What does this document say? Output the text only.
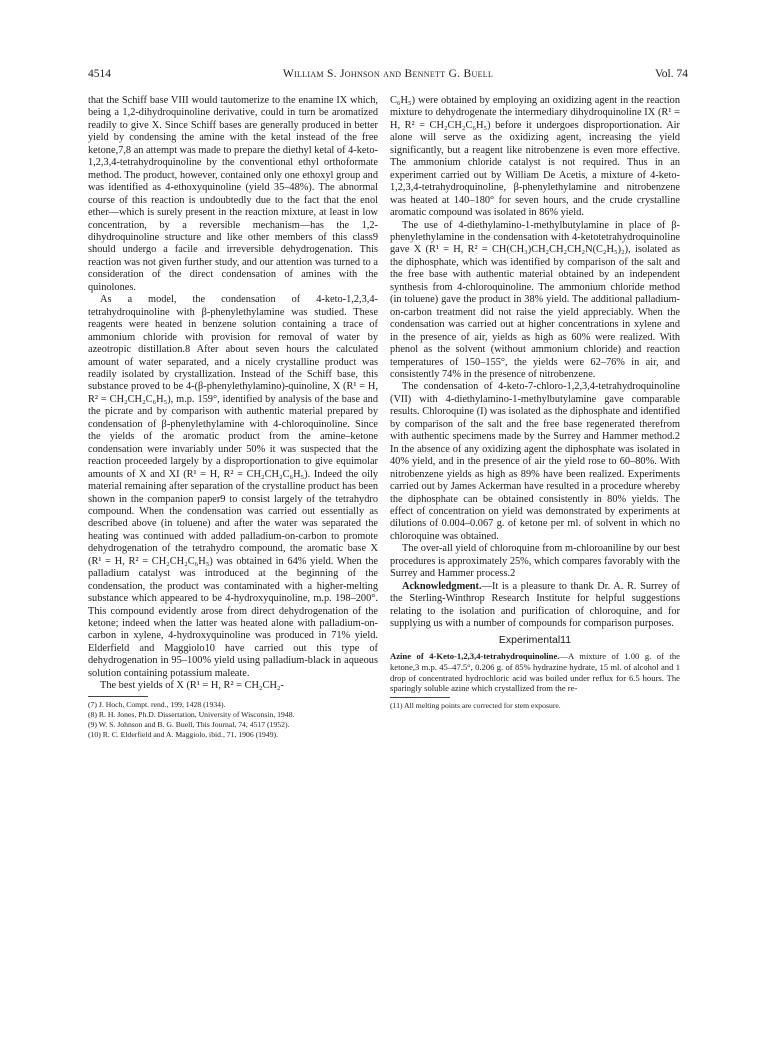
4514	William S. Johnson and Bennett G. Buell	Vol. 74

that the Schiff base VIII would tautomerize to the enamine IX which, being a 1,2-dihydroquinoline derivative, could in turn be aromatized readily to give X. Since Schiff bases are generally produced in better yield by condensing the amine with the ketal instead of the free ketone,7,8 an attempt was made to prepare the diethyl ketal of 4-keto-1,2,3,4-tetrahydroquinoline by the conventional ethyl orthoformate method. The product, however, contained only one ethoxyl group and was identified as 4-ethoxyquinoline (yield 35–48%). The abnormal course of this reaction is undoubtedly due to the fact that the enol ether—which is surely present in the reaction mixture, at least in low concentration, by a reversible mechanism—has the 1,2-dihydroquinoline structure and like other members of this class9 should undergo a facile and irreversible dehydrogenation. This reaction was not given further study, and our attention was turned to a consideration of the direct condensation of amines with the quinolones.

As a model, the condensation of 4-keto-1,2,3,4-tetrahydroquinoline with β-phenylethylamine was studied. These reagents were heated in benzene solution containing a trace of ammonium chloride with provision for removal of water by azeotropic distillation.8 After about seven hours the calculated amount of water separated, and a nicely crystalline product was readily isolated by crystallization. Instead of the Schiff base, this substance proved to be 4-(β-phenylethylamino)-quinoline, X (R¹ = H, R² = CH₂CH₂C₆H₅), m.p. 159°, identified by analysis of the base and the picrate and by comparison with authentic material prepared by condensation of β-phenylethylamine with 4-chloroquinoline. Since the yields of the aromatic product from the amine–ketone condensation were invariably under 50% it was suspected that the reaction proceeded largely by a disproportionation to give equimolar amounts of X and XI (R¹ = H, R² = CH₂CH₂C₆H₅). Indeed the oily material remaining after separation of the crystalline product has been shown in the companion paper9 to consist largely of the tetrahydro compound. When the condensation was carried out essentially as described above (in toluene) and after the water was separated the heating was continued with added palladium-on-carbon to promote dehydrogenation of the tetrahydro compound, the aromatic base X (R¹ = H, R² = CH₂CH₂C₆H₅) was obtained in 64% yield. When the palladium catalyst was introduced at the beginning of the condensation, the product was contaminated with a higher-melting substance which appeared to be 4-hydroxyquinoline, m.p. 198–200°. This compound evidently arose from direct dehydrogenation of the ketone; indeed when the latter was heated alone with palladium-on-carbon in xylene, 4-hydroxyquinoline was produced in 71% yield. Elderfield and Maggiolo10 have carried out this type of dehydrogenation in 95–100% yield using palladium-black in aqueous solution containing potassium maleate.

The best yields of X (R¹ = H, R² = CH₂CH₂-

(7) J. Hoch, Compt. rend., 199, 1428 (1934).

(8) R. H. Jones, Ph.D. Dissertation, University of Wisconsin, 1948.

(9) W. S. Johnson and B. G. Buell, This Journal, 74, 4517 (1952).

(10) R. C. Elderfield and A. Maggiolo, ibid., 71, 1906 (1949).

C₆H₅) were obtained by employing an oxidizing agent in the reaction mixture to dehydrogenate the intermediary dihydroquinoline IX (R¹ = H, R² = CH₂CH₂C₆H₅) before it undergoes disproportionation. Air alone will serve as the oxidizing agent, increasing the yield significantly, but a reagent like nitrobenzene is even more effective. The ammonium chloride catalyst is not required. Thus in an experiment carried out by William De Acetis, a mixture of 4-keto-1,2,3,4-tetrahydroquinoline, β-phenylethylamine and nitrobenzene was heated at 140–180° for seven hours, and the crude crystalline aromatic compound was isolated in 86% yield.

The use of 4-diethylamino-1-methylbutylamine in place of β-phenylethylamine in the condensation with 4-ketotetrahydroquinoline gave X (R¹ = H, R² = CH(CH₃)CH₂CH₂CH₂N(C₂H₅)₂), isolated as the diphosphate, which was identified by comparison of the salt and the free base with authentic material obtained by an independent synthesis from 4-chloroquinoline. The ammonium chloride method (in toluene) gave the product in 38% yield. The additional palladium-on-carbon treatment did not raise the yield appreciably. When the condensation was carried out at higher concentrations in xylene and in the presence of air, yields as high as 60% were realized. With phenol as the solvent (without ammonium chloride) and reaction temperatures of 150–155°, the yields were 62–76% in air, and consistently 74% in the presence of nitrobenzene.

The condensation of 4-keto-7-chloro-1,2,3,4-tetrahydroquinoline (VII) with 4-diethylamino-1-methylbutylamine gave comparable results. Chloroquine (I) was isolated as the diphosphate and identified by comparison of the salt and the free base regenerated therefrom with authentic specimens made by the Surrey and Hammer method.2 In the absence of any oxidizing agent the diphosphate was isolated in 40% yield, and in the presence of air the yield rose to 60–80%. With nitrobenzene yields as high as 89% have been realized. Experiments carried out by James Ackerman have resulted in a procedure whereby the diphosphate can be obtained consistently in 80% yields. The effect of concentration on yield was demonstrated by experiments at dilutions of 0.004–0.067 g. of ketone per ml. of solvent in which no chloroquine was obtained.

The over-all yield of chloroquine from m-chloroaniline by our best procedures is approximately 25%, which compares favorably with the Surrey and Hammer process.2

Acknowledgment.—It is a pleasure to thank Dr. A. R. Surrey of the Sterling-Winthrop Research Institute for helpful suggestions relating to the isolation and purification of chloroquine, and for supplying us with a number of compounds for comparison purposes.

Experimental11

Azine of 4-Keto-1,2,3,4-tetrahydroquinoline.—A mixture of 1.00 g. of the ketone,3 m.p. 45–47.5°, 0.206 g. of 85% hydrazine hydrate, 15 ml. of alcohol and 1 drop of concentrated hydrochloric acid was boiled under reflux for 6.5 hours. The sparingly soluble azine which crystallized from the re-

(11) All melting points are corrected for stem exposure.
